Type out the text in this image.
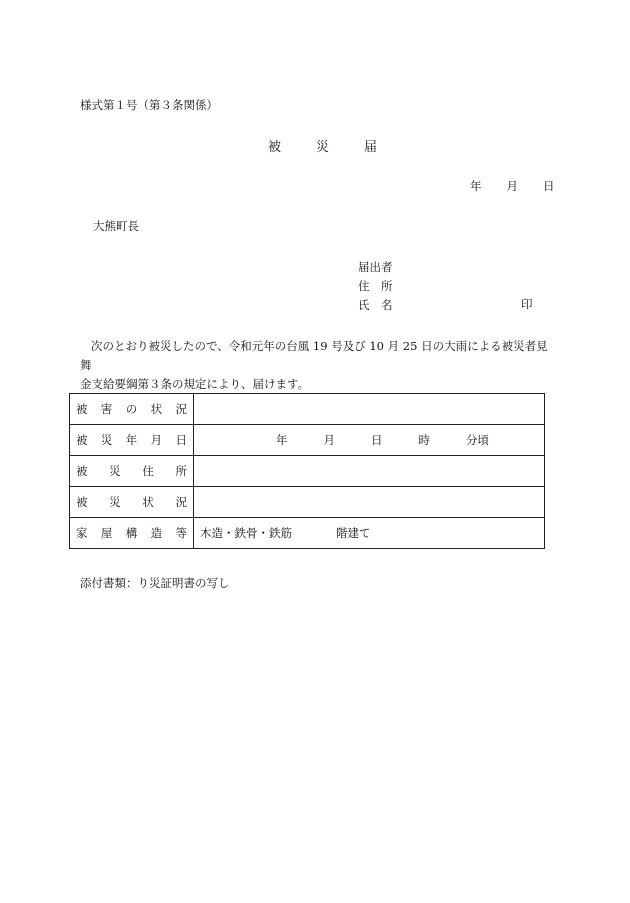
様式第１号（第３条関係）
被	災	届
年 月 日
大熊町長
届出者
住　所
氏　名	印

次のとおり被災したので、令和元年の台風 19 号及び 10 月 25 日の大雨による被災者見舞

金支給要綱第３条の規定により、届けます。

被 害 の 状 況	

被 災 年 月 日	年 月 日 時 分頃

被 災 住 所	

被 災 状 況	

家 屋 構 造 等	木造・鉄骨・鉄筋 階建て
添付書類：り災証明書の写し
